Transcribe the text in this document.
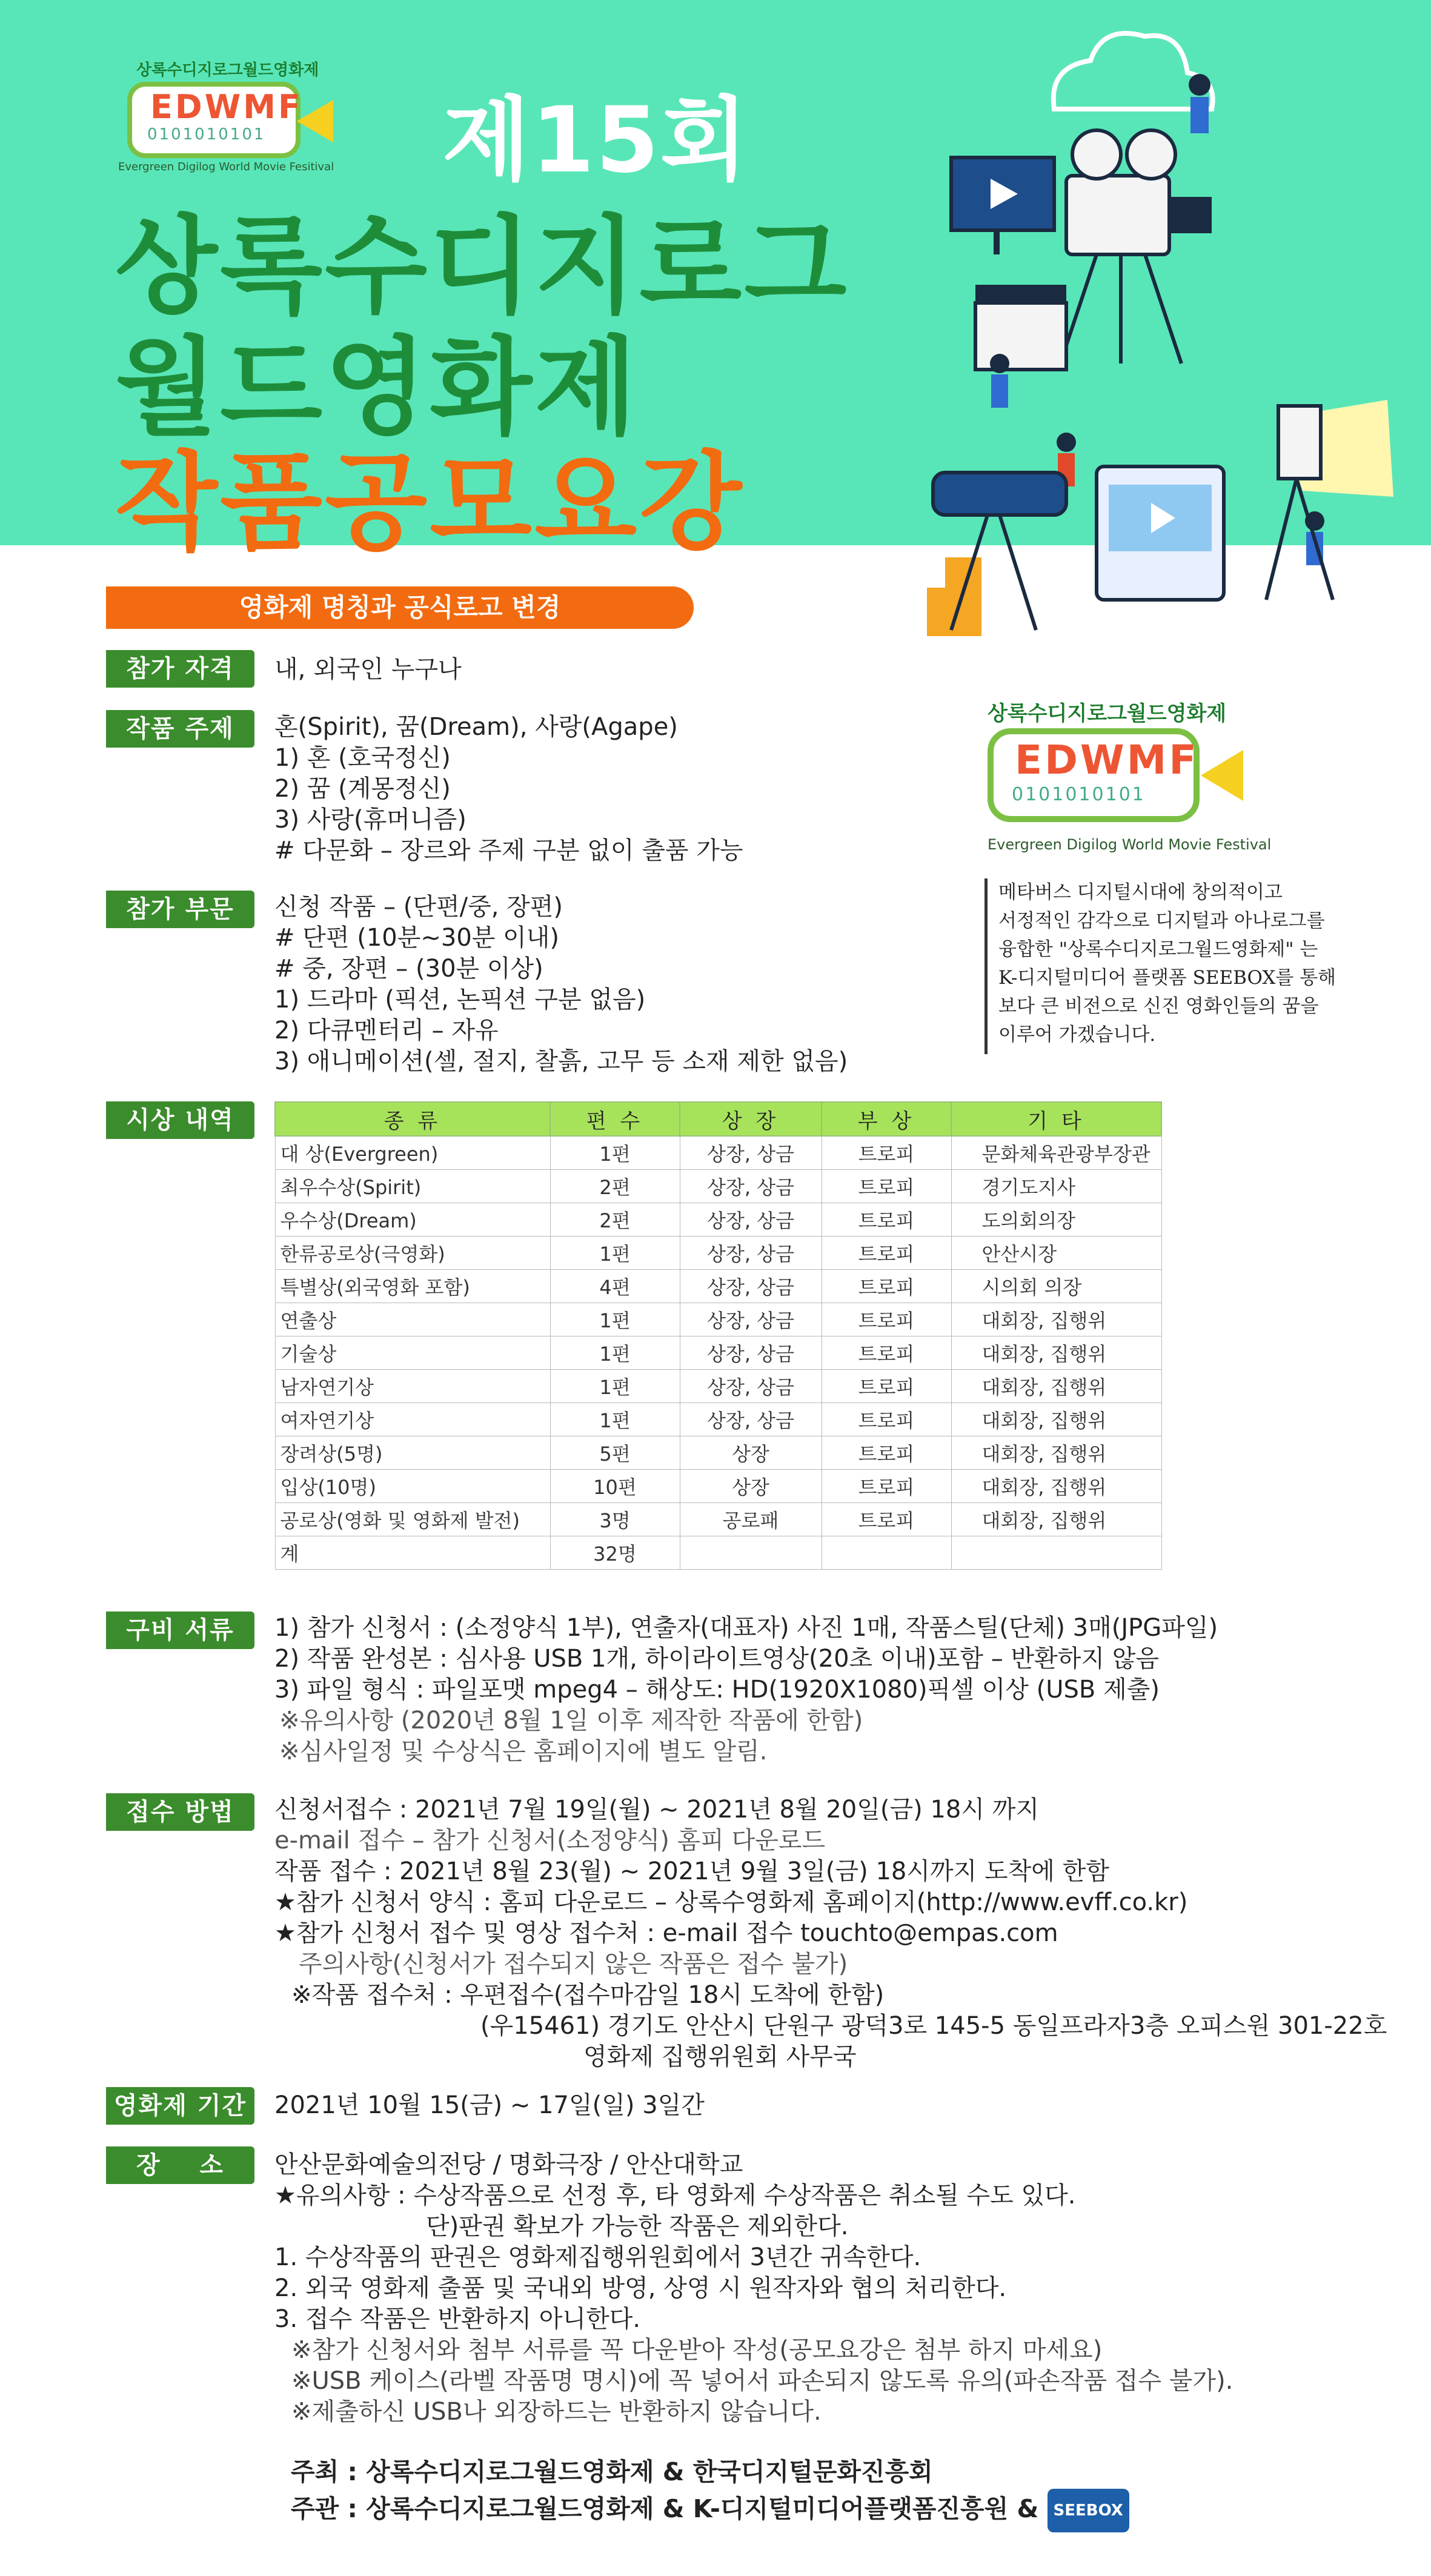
상록수디지로그월드영화제
EDWMF
0101010101
Evergreen Digilog World Movie Fesitival 제15회
상록수디지로그
월드영화제
작품공모요강
영화제 명칭과 공식로고 변경
상록수디지로그월드영화제
EDWMF
0101010101
Evergreen Digilog World Movie Festival
메타버스 디지털시대에 창의적이고
서정적인 감각으로 디지털과 아나로그를
융합한 "상록수디지로그월드영화제" 는
K-디지털미디어 플랫폼 SEEBOX를 통해
보다 큰 비전으로 신진 영화인들의 꿈을
이루어 가겠습니다.
참가 자격	내, 외국인 누구나
작품 주제	혼(Spirit), 꿈(Dream), 사랑(Agape)
1) 혼 (호국정신)
2) 꿈 (계몽정신)
3) 사랑(휴머니즘)
# 다문화 – 장르와 주제 구분 없이 출품 가능
참가 부문	신청 작품 – (단편/중, 장편)
# 단편 (10분~30분 이내)
# 중, 장편 – (30분 이상)
1) 드라마 (픽션, 논픽션 구분 없음)
2) 다큐멘터리 – 자유
3) 애니메이션(셀, 절지, 찰흙, 고무 등 소재 제한 없음)
시상 내역	종 류	편 수	상 장	부 상	기 타
대 상(Evergreen)	1편	상장, 상금	트로피	문화체육관광부장관
최우수상(Spirit)	2편	상장, 상금	트로피	경기도지사
우수상(Dream)	2편	상장, 상금	트로피	도의회의장
한류공로상(극영화)	1편	상장, 상금	트로피	안산시장
특별상(외국영화 포함)	4편	상장, 상금	트로피	시의회 의장
연출상	1편	상장, 상금	트로피	대회장, 집행위
기술상	1편	상장, 상금	트로피	대회장, 집행위
남자연기상	1편	상장, 상금	트로피	대회장, 집행위
여자연기상	1편	상장, 상금	트로피	대회장, 집행위
장려상(5명)	5편	상장	트로피	대회장, 집행위
입상(10명)	10편	상장	트로피	대회장, 집행위
공로상(영화 및 영화제 발전)	3명	공로패	트로피	대회장, 집행위
계	32명			
구비 서류	1) 참가 신청서 : (소정양식 1부), 연출자(대표자) 사진 1매, 작품스틸(단체) 3매(JPG파일)
2) 작품 완성본 : 심사용 USB 1개, 하이라이트영상(20초 이내)포함 – 반환하지 않음
3) 파일 형식 : 파일포맷 mpeg4 – 해상도: HD(1920X1080)픽셀 이상 (USB 제출)
※유의사항 (2020년 8월 1일 이후 제작한 작품에 한함)
※심사일정 및 수상식은 홈페이지에 별도 알림.
접수 방법	신청서접수 : 2021년 7월 19일(월) ~ 2021년 8월 20일(금) 18시 까지
e-mail 접수 – 참가 신청서(소정양식) 홈피 다운로드
작품 접수 : 2021년 8월 23(월) ~ 2021년 9월 3일(금) 18시까지 도착에 한함
★참가 신청서 양식 : 홈피 다운로드 – 상록수영화제 홈페이지(http://www.evff.co.kr)
★참가 신청서 접수 및 영상 접수처 : e-mail 접수 touchto@empas.com
주의사항(신청서가 접수되지 않은 작품은 접수 불가)
※작품 접수처 : 우편접수(접수마감일 18시 도착에 한함)
(우15461) 경기도 안산시 단원구 광덕3로 145-5 동일프라자3층 오피스원 301-22호
영화제 집행위원회 사무국
영화제 기간	2021년 10월 15(금) ~ 17일(일) 3일간
장    소	안산문화예술의전당 / 명화극장 / 안산대학교
★유의사항 : 수상작품으로 선정 후, 타 영화제 수상작품은 취소될 수도 있다.
단)판권 확보가 가능한 작품은 제외한다.
1. 수상작품의 판권은 영화제집행위원회에서 3년간 귀속한다.
2. 외국 영화제 출품 및 국내외 방영, 상영 시 원작자와 협의 처리한다.
3. 접수 작품은 반환하지 아니한다.
※참가 신청서와 첨부 서류를 꼭 다운받아 작성(공모요강은 첨부 하지 마세요)
※USB 케이스(라벨 작품명 명시)에 꼭 넣어서 파손되지 않도록 유의(파손작품 접수 불가).
※제출하신 USB나 외장하드는 반환하지 않습니다.
주최 : 상록수디지로그월드영화제 & 한국디지털문화진흥회
주관 : 상록수디지로그월드영화제 & K-디지털미디어플랫폼진흥원 & SEEBOX
